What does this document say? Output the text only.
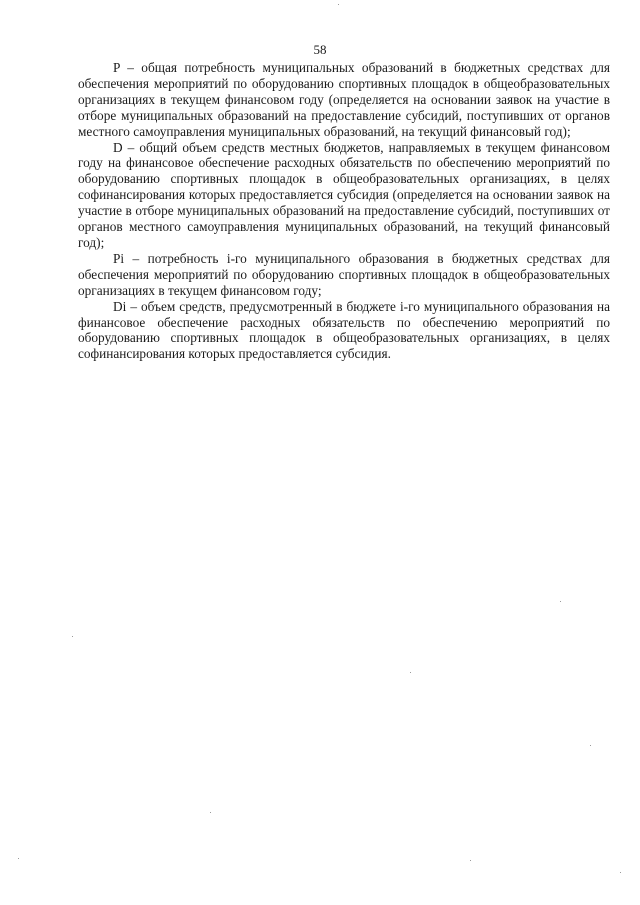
58

P – общая потребность муниципальных образований в бюджетных средствах для обеспечения мероприятий по оборудованию спортивных площадок в общеобразовательных организациях в текущем финансовом году (определяется на основании заявок на участие в отборе муниципальных образований на предоставление субсидий, поступивших от органов местного самоуправления муниципальных образований, на текущий финансовый год);

D – общий объем средств местных бюджетов, направляемых в текущем финансовом году на финансовое обеспечение расходных обязательств по обеспечению мероприятий по оборудованию спортивных площадок в общеобразовательных организациях, в целях софинансирования которых предоставляется субсидия (определяется на основании заявок на участие в отборе муниципальных образований на предоставление субсидий, поступивших от органов местного самоуправления муниципальных образований, на текущий финансовый год);

Pi – потребность i-го муниципального образования в бюджетных средствах для обеспечения мероприятий по оборудованию спортивных площадок в общеобразовательных организациях в текущем финансовом году;

Di – объем средств, предусмотренный в бюджете i-го муниципального образования на финансовое обеспечение расходных обязательств по обеспечению мероприятий по оборудованию спортивных площадок в общеобразовательных организациях, в целях софинансирования которых предоставляется субсидия.
